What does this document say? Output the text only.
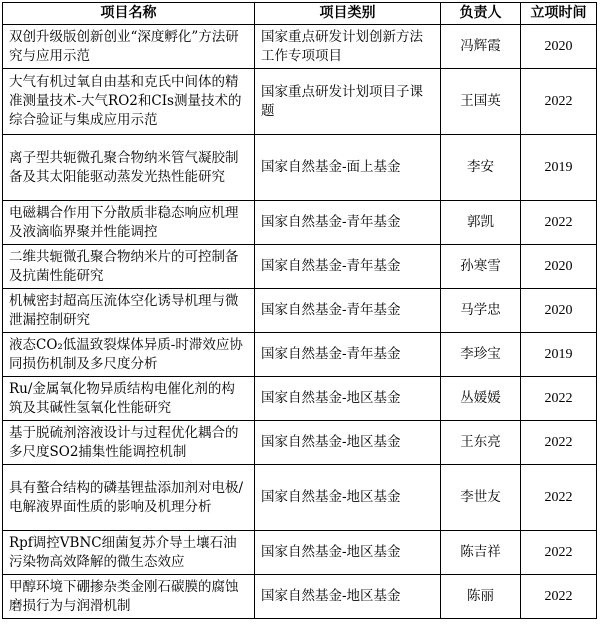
项目名称	项目类别	负责人	立项时间
双创升级版创新创业“深度孵化”方法研究与应用示范	国家重点研发计划创新方法工作专项项目	冯辉霞	2020
大气有机过氧自由基和克氏中间体的精准测量技术-大气RO2和CIs测量技术的综合验证与集成应用示范	国家重点研发计划项目子课题	王国英	2022
离子型共轭微孔聚合物纳米管气凝胶制备及其太阳能驱动蒸发光热性能研究	国家自然基金-面上基金	李安	2019
电磁耦合作用下分散质非稳态响应机理及液滴临界聚并性能调控	国家自然基金-青年基金	郭凯	2022
二维共轭微孔聚合物纳米片的可控制备及抗菌性能研究	国家自然基金-青年基金	孙寒雪	2020
机械密封超高压流体空化诱导机理与微泄漏控制研究	国家自然基金-青年基金	马学忠	2020
液态CO₂低温致裂煤体异质-时滞效应协同损伤机制及多尺度分析	国家自然基金-青年基金	李珍宝	2019
Ru/金属氧化物异质结构电催化剂的构筑及其碱性氢氧化性能研究	国家自然基金-地区基金	丛媛媛	2022
基于脱硫剂溶液设计与过程优化耦合的多尺度SO2捕集性能调控机制	国家自然基金-地区基金	王东亮	2022
具有螯合结构的磷基锂盐添加剂对电极/电解液界面性质的影响及机理分析	国家自然基金-地区基金	李世友	2022
Rpf调控VBNC细菌复苏介导土壤石油污染物高效降解的微生态效应	国家自然基金-地区基金	陈吉祥	2022
甲醇环境下硼掺杂类金刚石碳膜的腐蚀磨损行为与润滑机制	国家自然基金-地区基金	陈丽	2022
